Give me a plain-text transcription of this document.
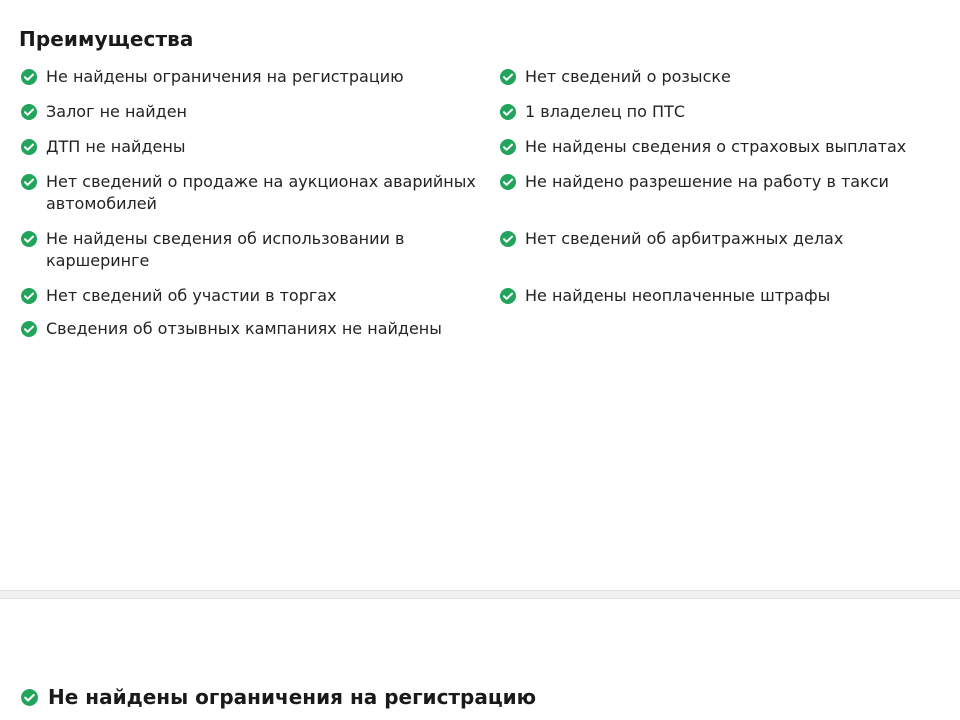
Преимущества
Не найдены ограничения на регистрацию
Залог не найден
ДТП не найдены
Нет сведений о продаже на аукционах аварийных автомобилей
Не найдены сведения об использовании в каршеринге
Нет сведений об участии в торгах
Сведения об отзывных кампаниях не найдены
Нет сведений о розыске
1 владелец по ПТС
Не найдены сведения о страховых выплатах
Не найдено разрешение на работу в такси
Нет сведений об арбитражных делах
Не найдены неоплаченные штрафы
Не найдены ограничения на регистрацию
